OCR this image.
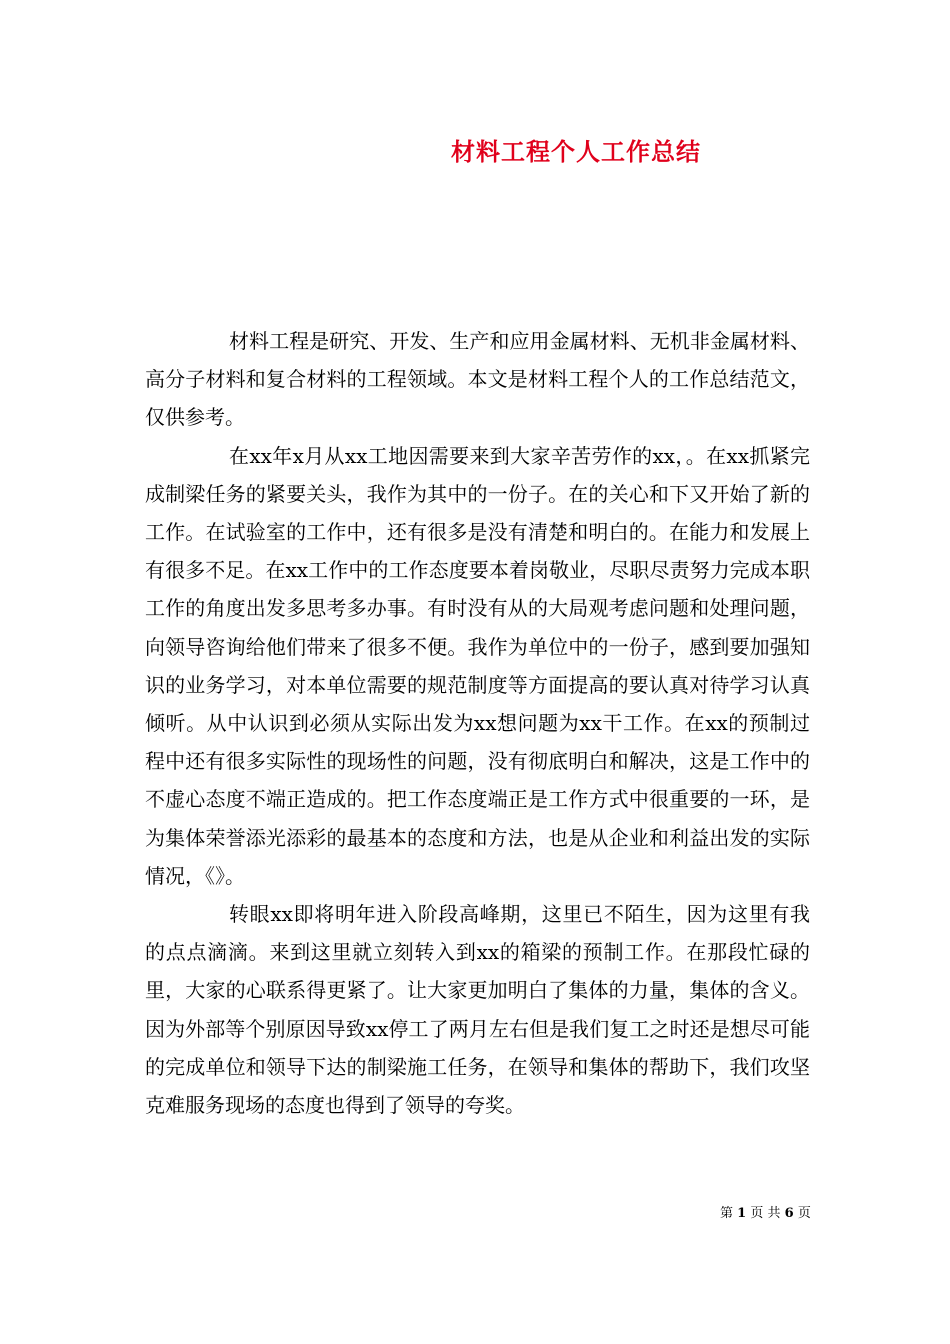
材料工程个人工作总结

材料工程是研究、开发、生产和应用金属材料、无机非金属材料、高分子材料和复合材料的工程领域。本文是材料工程个人的工作总结范文，仅供参考。

在xx年x月从xx工地因需要来到大家辛苦劳作的xx，。在xx抓紧完成制梁任务的紧要关头，我作为其中的一份子。在的关心和下又开始了新的工作。在试验室的工作中，还有很多是没有清楚和明白的。在能力和发展上有很多不足。在xx工作中的工作态度要本着岗敬业，尽职尽责努力完成本职工作的角度出发多思考多办事。有时没有从的大局观考虑问题和处理问题，向领导咨询给他们带来了很多不便。我作为单位中的一份子，感到要加强知识的业务学习，对本单位需要的规范制度等方面提高的要认真对待学习认真倾听。从中认识到必须从实际出发为xx想问题为xx干工作。在xx的预制过程中还有很多实际性的现场性的问题，没有彻底明白和解决，这是工作中的不虚心态度不端正造成的。把工作态度端正是工作方式中很重要的一环，是为集体荣誉添光添彩的最基本的态度和方法，也是从企业和利益出发的实际情况，《》。

转眼xx即将明年进入阶段高峰期，这里已不陌生，因为这里有我的点点滴滴。来到这里就立刻转入到xx的箱梁的预制工作。在那段忙碌的里，大家的心联系得更紧了。让大家更加明白了集体的力量，集体的含义。因为外部等个别原因导致xx停工了两月左右但是我们复工之时还是想尽可能的完成单位和领导下达的制梁施工任务，在领导和集体的帮助下，我们攻坚克难服务现场的态度也得到了领导的夸奖。

第 1 页 共 6 页
